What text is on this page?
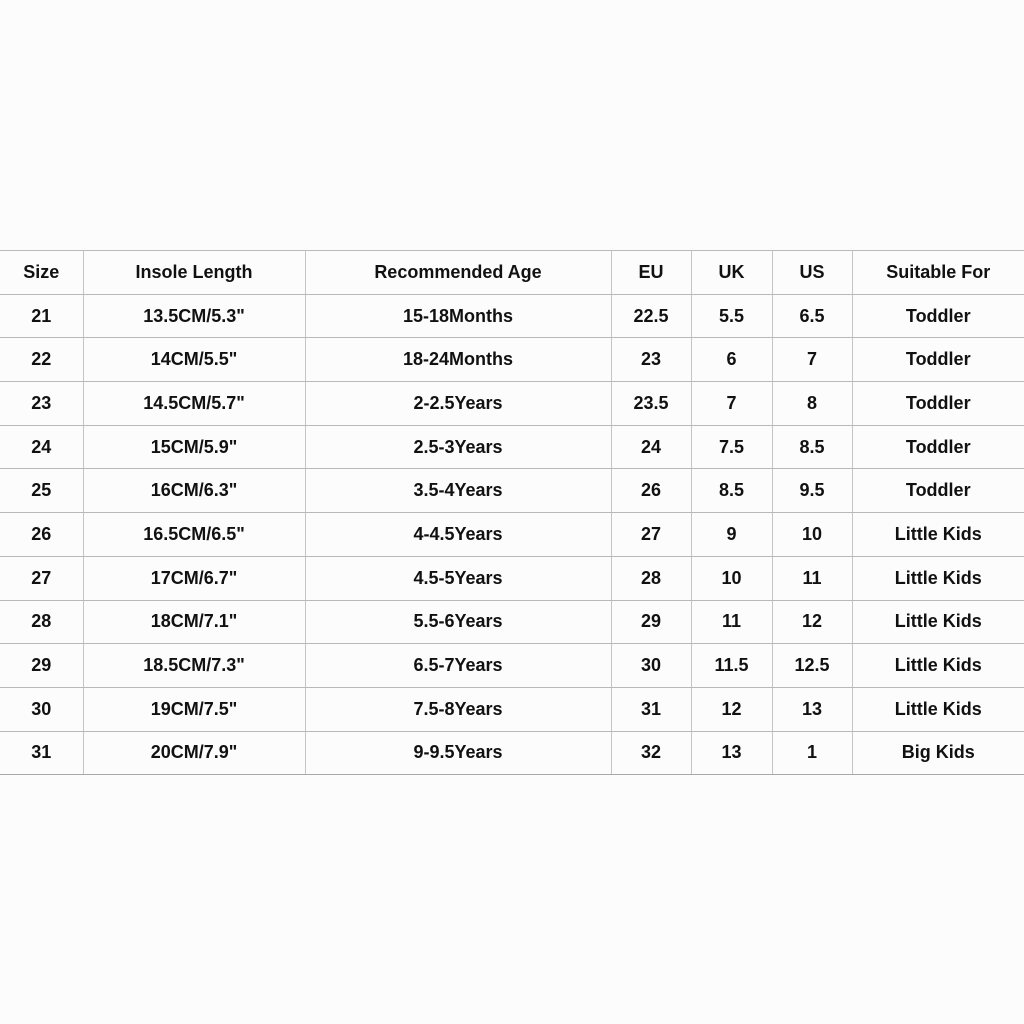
Size	Insole Length	Recommended Age	EU	UK	US	Suitable For
21	13.5CM/5.3"	15-18Months	22.5	5.5	6.5	Toddler
22	14CM/5.5"	18-24Months	23	6	7	Toddler
23	14.5CM/5.7"	2-2.5Years	23.5	7	8	Toddler
24	15CM/5.9"	2.5-3Years	24	7.5	8.5	Toddler
25	16CM/6.3"	3.5-4Years	26	8.5	9.5	Toddler
26	16.5CM/6.5"	4-4.5Years	27	9	10	Little Kids
27	17CM/6.7"	4.5-5Years	28	10	11	Little Kids
28	18CM/7.1"	5.5-6Years	29	11	12	Little Kids
29	18.5CM/7.3"	6.5-7Years	30	11.5	12.5	Little Kids
30	19CM/7.5"	7.5-8Years	31	12	13	Little Kids
31	20CM/7.9"	9-9.5Years	32	13	1	Big Kids
